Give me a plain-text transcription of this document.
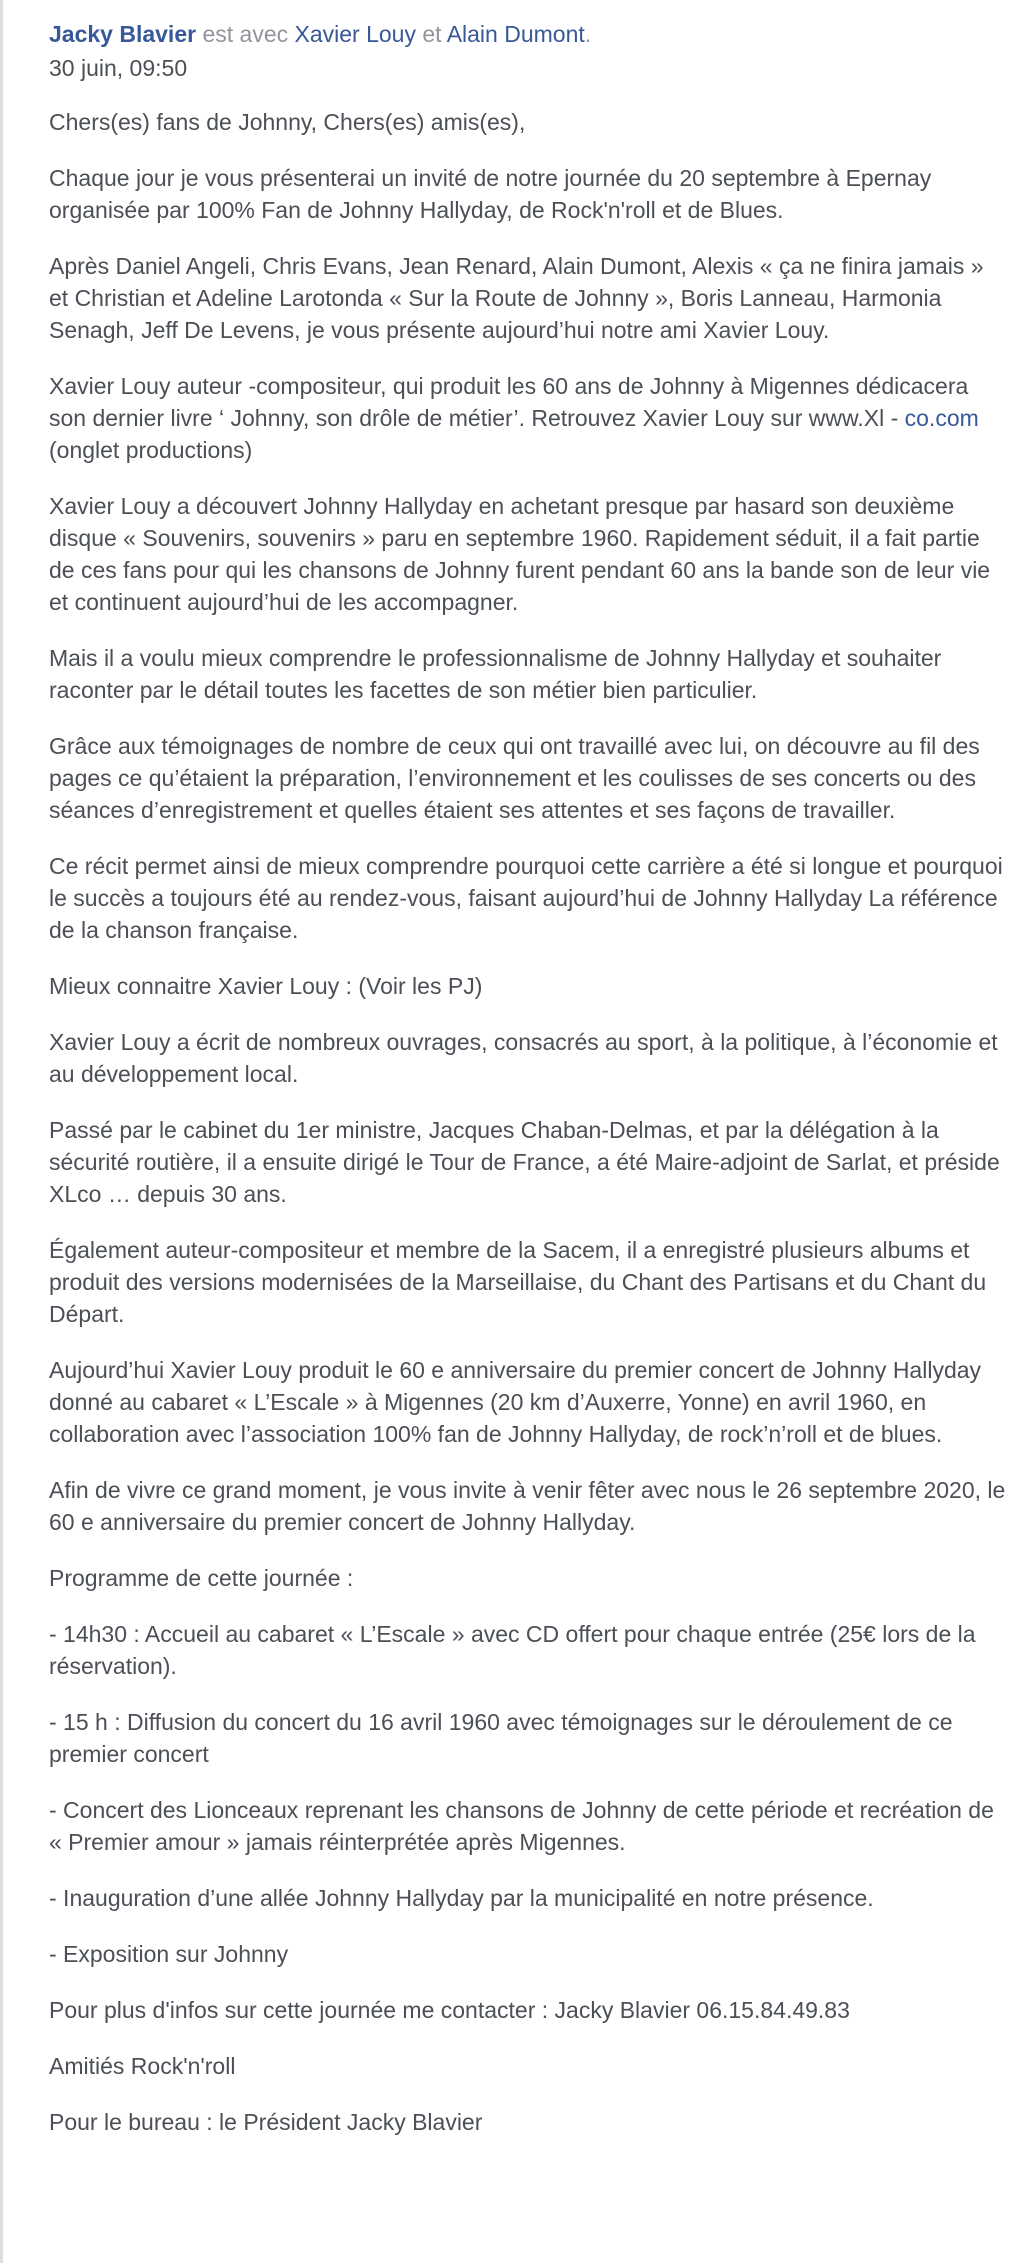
Jacky Blavier est avec Xavier Louy et Alain Dumont.
30 juin, 09:50

Chers(es) fans de Johnny, Chers(es) amis(es),

Chaque jour je vous présenterai un invité de notre journée du 20 septembre à Epernay organisée par 100% Fan de Johnny Hallyday, de Rock'n'roll et de Blues.

Après Daniel Angeli, Chris Evans, Jean Renard, Alain Dumont, Alexis « ça ne finira jamais » et Christian et Adeline Larotonda « Sur la Route de Johnny », Boris Lanneau, Harmonia Senagh, Jeff De Levens, je vous présente aujourd’hui notre ami Xavier Louy.

Xavier Louy auteur -compositeur, qui produit les 60 ans de Johnny à Migennes dédicacera son dernier livre ‘ Johnny, son drôle de métier’. Retrouvez Xavier Louy sur www.Xl - co.com (onglet productions)

Xavier Louy a découvert Johnny Hallyday en achetant presque par hasard son deuxième disque « Souvenirs, souvenirs » paru en septembre 1960. Rapidement séduit, il a fait partie de ces fans pour qui les chansons de Johnny furent pendant 60 ans la bande son de leur vie et continuent aujourd’hui de les accompagner.

Mais il a voulu mieux comprendre le professionnalisme de Johnny Hallyday et souhaiter raconter par le détail toutes les facettes de son métier bien particulier.

Grâce aux témoignages de nombre de ceux qui ont travaillé avec lui, on découvre au fil des pages ce qu’étaient la préparation, l’environnement et les coulisses de ses concerts ou des séances d’enregistrement et quelles étaient ses attentes et ses façons de travailler.

Ce récit permet ainsi de mieux comprendre pourquoi cette carrière a été si longue et pourquoi le succès a toujours été au rendez-vous, faisant aujourd’hui de Johnny Hallyday La référence de la chanson française.

Mieux connaitre Xavier Louy : (Voir les PJ)

Xavier Louy a écrit de nombreux ouvrages, consacrés au sport, à la politique, à l’économie et au développement local.

Passé par le cabinet du 1er ministre, Jacques Chaban-Delmas, et par la délégation à la sécurité routière, il a ensuite dirigé le Tour de France, a été Maire-adjoint de Sarlat, et préside XLco … depuis 30 ans.

Également auteur-compositeur et membre de la Sacem, il a enregistré plusieurs albums et produit des versions modernisées de la Marseillaise, du Chant des Partisans et du Chant du Départ.

Aujourd’hui Xavier Louy produit le 60 e anniversaire du premier concert de Johnny Hallyday donné au cabaret « L’Escale » à Migennes (20 km d’Auxerre, Yonne) en avril 1960, en collaboration avec l’association 100% fan de Johnny Hallyday, de rock’n’roll et de blues.

Afin de vivre ce grand moment, je vous invite à venir fêter avec nous le 26 septembre 2020, le 60 e anniversaire du premier concert de Johnny Hallyday.

Programme de cette journée :

- 14h30 : Accueil au cabaret « L’Escale » avec CD offert pour chaque entrée (25€ lors de la réservation).

- 15 h : Diffusion du concert du 16 avril 1960 avec témoignages sur le déroulement de ce premier concert

- Concert des Lionceaux reprenant les chansons de Johnny de cette période et recréation de « Premier amour » jamais réinterprétée après Migennes.

- Inauguration d’une allée Johnny Hallyday par la municipalité en notre présence.

- Exposition sur Johnny

Pour plus d'infos sur cette journée me contacter : Jacky Blavier 06.15.84.49.83

Amitiés Rock'n'roll

Pour le bureau : le Président Jacky Blavier
